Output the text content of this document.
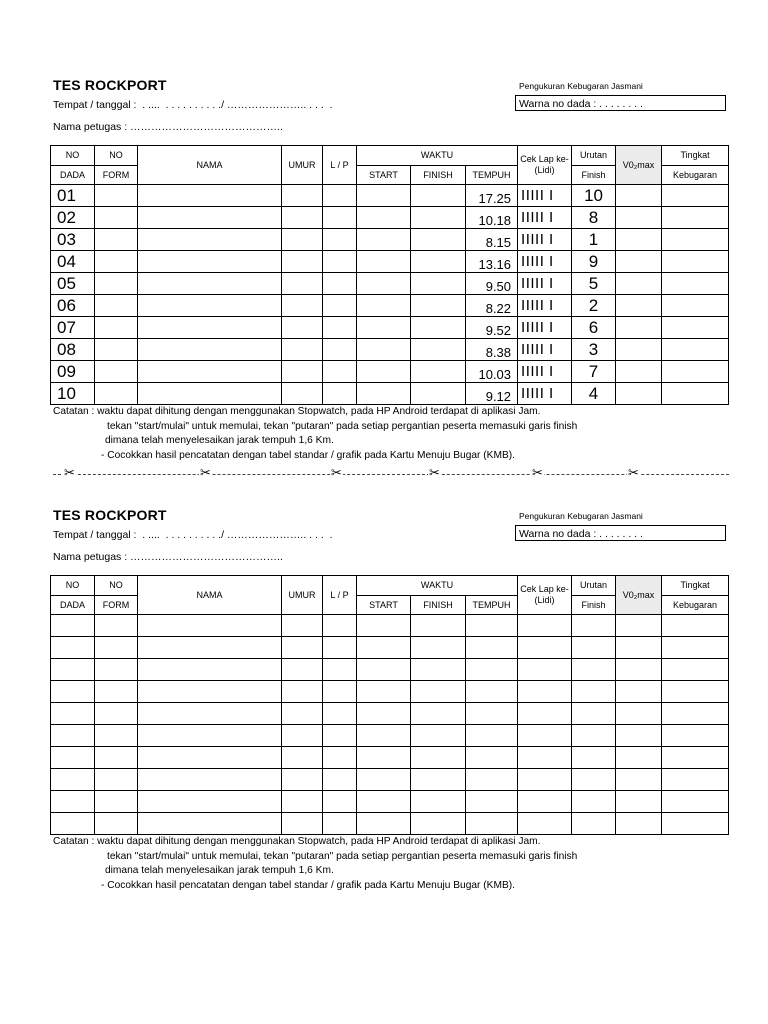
TES ROCKPORT	Pengukuran Kebugaran Jasmani
Tempat / tanggal :  . ....  . . . . . . . . . ./ ………………….. . . .  .	Warna no dada : . . . . . . . .
Nama petugas : ……………………………………..
NO	NO	NAMA	UMUR	L / P	WAKTU			Cek Lap ke- (Lidi)	Urutan	V0₂max	Tingkat
DADA	FORM				START	FINISH	TEMPUH		Finish		Kebugaran
01							17.25	IIIII I	10		
02							10.18	IIIII I	8		
03							8.15	IIIII I	1		
04							13.16	IIIII I	9		
05							9.50	IIIII I	5		
06							8.22	IIIII I	2		
07							9.52	IIIII I	6		
08							8.38	IIIII I	3		
09							10.03	IIIII I	7		
10							9.12	IIIII I	4		
Catatan : waktu dapat dihitung dengan menggunakan Stopwatch, pada HP Android terdapat di aplikasi Jam.
tekan "start/mulai" untuk memulai, tekan "putaran" pada setiap pergantian peserta memasuki garis finish
dimana telah menyelesaikan jarak tempuh 1,6 Km.
- Cocokkan hasil pencatatan dengan tabel standar / grafik pada Kartu Menuju Bugar (KMB).
✂	✂	✂	✂	✂	✂
TES ROCKPORT	Pengukuran Kebugaran Jasmani
Tempat / tanggal :  . ....  . . . . . . . . . ./ ………………….. . . .  .	Warna no dada : . . . . . . . .
Nama petugas : ……………………………………..
NO	NO	NAMA	UMUR	L / P	WAKTU			Cek Lap ke- (Lidi)	Urutan	V0₂max	Tingkat
DADA	FORM				START	FINISH	TEMPUH		Finish		Kebugaran

Catatan : waktu dapat dihitung dengan menggunakan Stopwatch, pada HP Android terdapat di aplikasi Jam.
tekan "start/mulai" untuk memulai, tekan "putaran" pada setiap pergantian peserta memasuki garis finish
dimana telah menyelesaikan jarak tempuh 1,6 Km.
- Cocokkan hasil pencatatan dengan tabel standar / grafik pada Kartu Menuju Bugar (KMB).
